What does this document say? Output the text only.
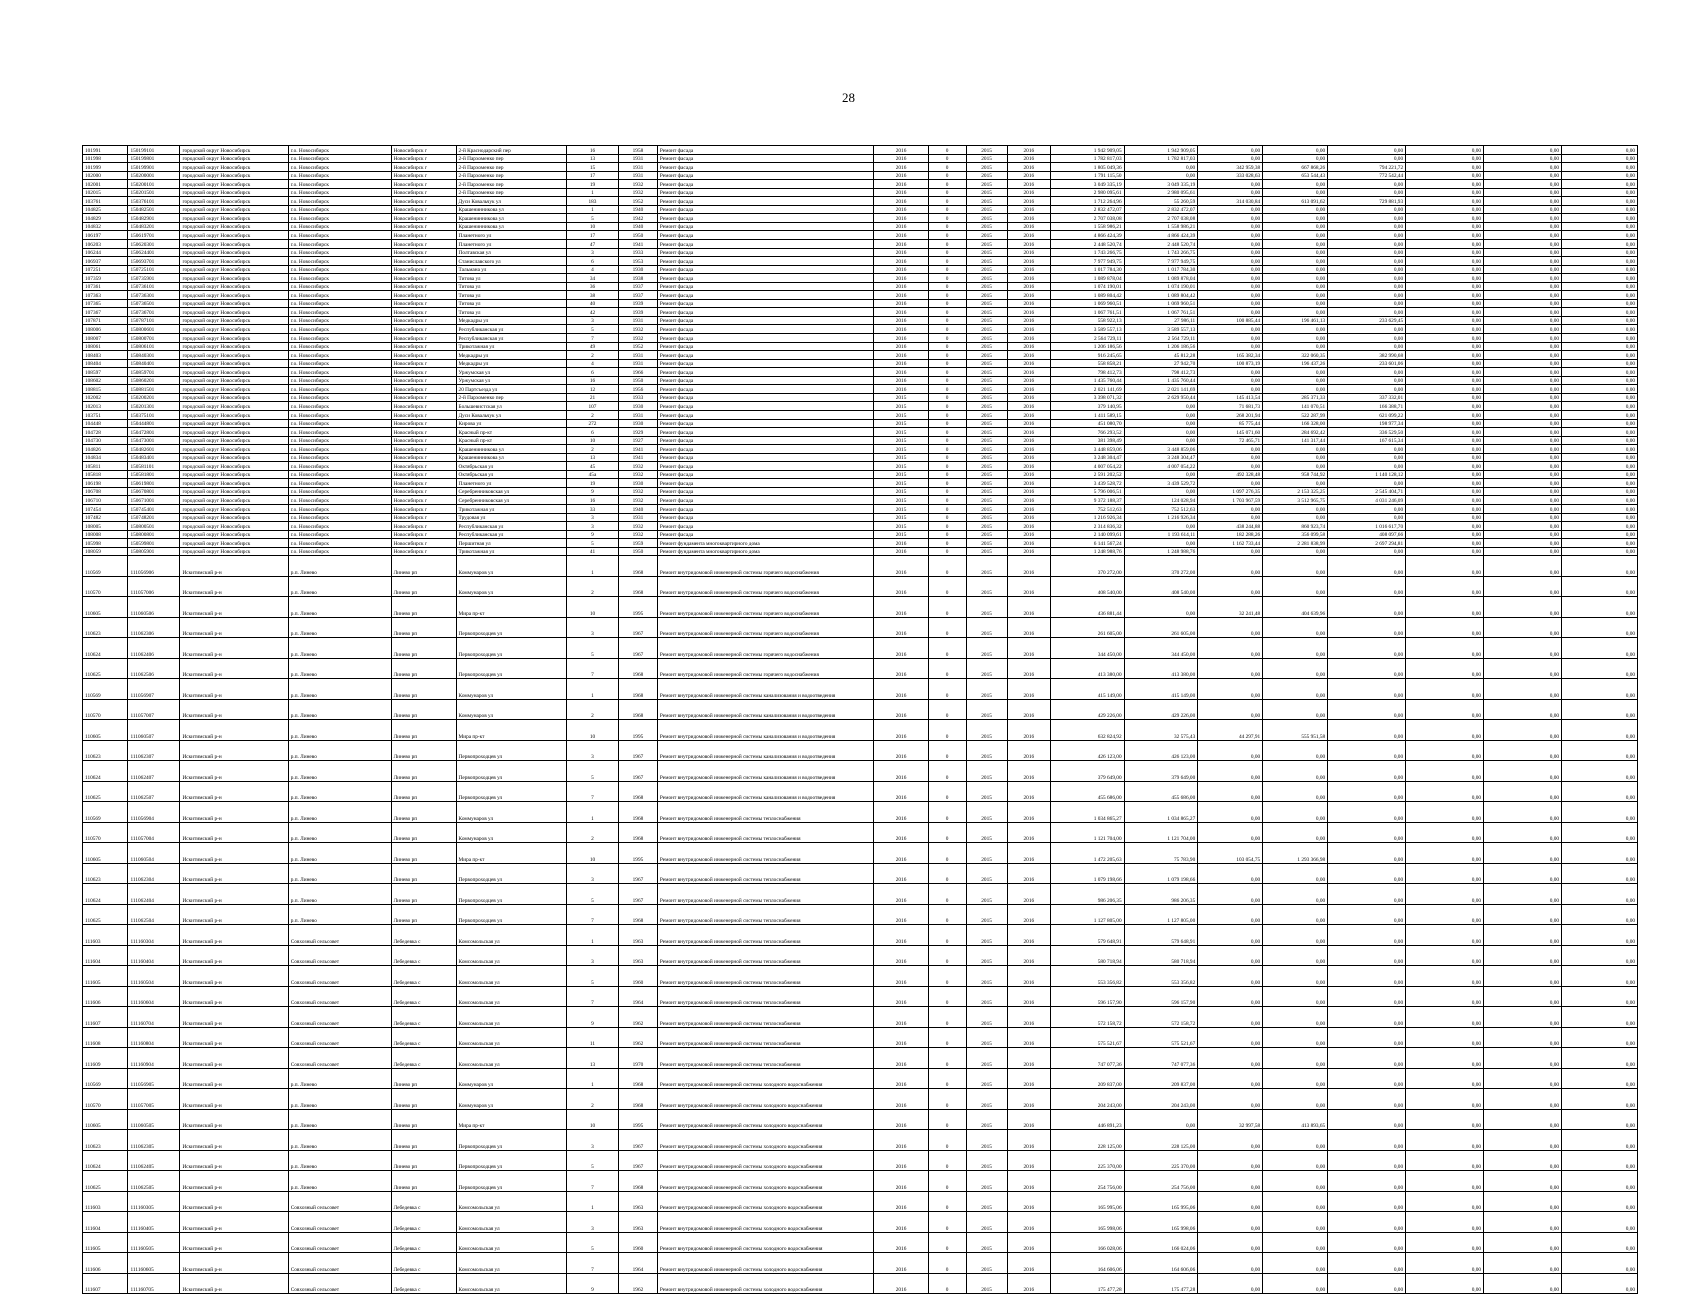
28
101991	150199101	городской округ Новосибирск	г.о. Новосибирск	Новосибирск г	2-й Краснодарский пер	16	1958	Ремонт фасада	2016	0	2015	2016	1 942 909,05	1 942 909,05	0,00	0,00	0,00	0,00	0,00	0,00
101998	150199801	городской округ Новосибирск	г.о. Новосибирск	Новосибирск г	2-й Пархоменко пер	13	1931	Ремонт фасада	2016	0	2015	2016	1 782 817,03	1 782 817,03	0,00	0,00	0,00	0,00	0,00	0,00
101999	150199901	городской округ Новосибирск	г.о. Новосибирск	Новосибирск г	2-й Пархоменко пер	15	1931	Ремонт фасада	2016	0	2015	2016	1 805 049,36	0,00	342 959,38	667 868,26	794 221,72	0,00	0,00	0,00
102000	150200001	городской округ Новосибирск	г.о. Новосибирск	Новосибирск г	2-й Пархоменко пер	17	1931	Ремонт фасада	2016	0	2015	2016	1 791 115,50	0,00	333 028,63	653 544,43	772 542,44	0,00	0,00	0,00
102001	150200101	городской округ Новосибирск	г.о. Новосибирск	Новосибирск г	2-й Пархоменко пер	19	1932	Ремонт фасада	2016	0	2015	2016	3 049 335,19	3 049 335,19	0,00	0,00	0,00	0,00	0,00	0,00
102015	150201501	городской округ Новосибирск	г.о. Новосибирск	Новосибирск г	2-й Пархоменко пер	1	1932	Ремонт фасада	2016	0	2015	2016	2 980 095,61	2 980 095,61	0,00	0,00	0,00	0,00	0,00	0,00
103761	150376101	городской округ Новосибирск	г.о. Новосибирск	Новосибирск г	Дуси Ковальчук ул	183	1952	Ремонт фасада	2016	0	2015	2016	1 712 264,96	55 260,59	314 030,84	613 091,62	729 881,93	0,00	0,00	0,00
104825	150482501	городской округ Новосибирск	г.о. Новосибирск	Новосибирск г	Крашенинникова ул	1	1940	Ремонт фасада	2016	0	2015	2016	2 832 472,07	2 832 472,07	0,00	0,00	0,00	0,00	0,00	0,00
104829	150482901	городской округ Новосибирск	г.о. Новосибирск	Новосибирск г	Крашенинникова ул	5	1942	Ремонт фасада	2016	0	2015	2016	2 707 038,08	2 707 038,08	0,00	0,00	0,00	0,00	0,00	0,00
104832	150483201	городской округ Новосибирск	г.о. Новосибирск	Новосибирск г	Крашенинникова ул	10	1940	Ремонт фасада	2016	0	2015	2016	1 558 986,21	1 558 986,21	0,00	0,00	0,00	0,00	0,00	0,00
106197	150619701	городской округ Новосибирск	г.о. Новосибирск	Новосибирск г	Планетного ул	17	1950	Ремонт фасада	2016	0	2015	2016	4 866 424,39	4 866 424,39	0,00	0,00	0,00	0,00	0,00	0,00
106203	150620301	городской округ Новосибирск	г.о. Новосибирск	Новосибирск г	Планетного ул	47	1941	Ремонт фасада	2016	0	2015	2016	2 448 520,74	2 448 520,74	0,00	0,00	0,00	0,00	0,00	0,00
106244	150624401	городской округ Новосибирск	г.о. Новосибирск	Новосибирск г	Полтавская ул	3	1933	Ремонт фасада	2016	0	2015	2016	1 743 266,75	1 743 266,75	0,00	0,00	0,00	0,00	0,00	0,00
106937	150693701	городской округ Новосибирск	г.о. Новосибирск	Новосибирск г	Станиславского ул	6	1953	Ремонт фасада	2016	0	2015	2016	7 977 949,75	7 977 949,75	0,00	0,00	0,00	0,00	0,00	0,00
107251	150725101	городской округ Новосибирск	г.о. Новосибирск	Новосибирск г	Тальмана ул	4	1930	Ремонт фасада	2016	0	2015	2016	1 017 784,30	1 017 784,30	0,00	0,00	0,00	0,00	0,00	0,00
107359	150735901	городской округ Новосибирск	г.о. Новосибирск	Новосибирск г	Титова ул	34	1938	Ремонт фасада	2016	0	2015	2016	1 089 878,04	1 089 878,04	0,00	0,00	0,00	0,00	0,00	0,00
107361	150736101	городской округ Новосибирск	г.о. Новосибирск	Новосибирск г	Титова ул	36	1937	Ремонт фасада	2016	0	2015	2016	1 074 190,01	1 074 190,01	0,00	0,00	0,00	0,00	0,00	0,00
107363	150736301	городской округ Новосибирск	г.о. Новосибирск	Новосибирск г	Титова ул	38	1937	Ремонт фасада	2016	0	2015	2016	1 089 804,42	1 089 804,42	0,00	0,00	0,00	0,00	0,00	0,00
107365	150736501	городской округ Новосибирск	г.о. Новосибирск	Новосибирск г	Титова ул	40	1939	Ремонт фасада	2016	0	2015	2016	1 069 960,51	1 069 960,51	0,00	0,00	0,00	0,00	0,00	0,00
107367	150736701	городской округ Новосибирск	г.о. Новосибирск	Новосибирск г	Титова ул	42	1939	Ремонт фасада	2016	0	2015	2016	1 067 761,51	1 067 761,51	0,00	0,00	0,00	0,00	0,00	0,00
107871	150787101	городской округ Новосибирск	г.о. Новосибирск	Новосибирск г	Медкадры ул	3	1931	Ремонт фасада	2016	0	2015	2016	558 922,13	27 986,11	100 885,44	196 461,13	233 629,45	0,00	0,00	0,00
108006	150800601	городской округ Новосибирск	г.о. Новосибирск	Новосибирск г	Республиканская ул	5	1932	Ремонт фасада	2016	0	2015	2016	3 589 557,13	3 589 557,13	0,00	0,00	0,00	0,00	0,00	0,00
108007	150800701	городской округ Новосибирск	г.о. Новосибирск	Новосибирск г	Республиканская ул	7	1932	Ремонт фасада	2016	0	2015	2016	2 564 729,11	2 564 729,11	0,00	0,00	0,00	0,00	0,00	0,00
108061	150806101	городской округ Новосибирск	г.о. Новосибирск	Новосибирск г	Трикотажная ул	49	1952	Ремонт фасада	2016	0	2015	2016	1 206 186,56	1 206 186,56	0,00	0,00	0,00	0,00	0,00	0,00
108403	150840301	городской округ Новосибирск	г.о. Новосибирск	Новосибирск г	Медкадры ул	2	1931	Ремонт фасада	2016	0	2015	2016	916 245,65	45 812,28	165 382,34	322 060,35	382 990,68	0,00	0,00	0,00
108404	150840401	городской округ Новосибирск	г.о. Новосибирск	Новосибирск г	Медкадры ул	4	1931	Ремонт фасада	2016	0	2015	2016	558 858,21	27 942,70	100 873,19	196 437,26	233 601,06	0,00	0,00	0,00
108597	150859701	городской округ Новосибирск	г.о. Новосибирск	Новосибирск г	Уржумская ул	6	1966	Ремонт фасада	2016	0	2015	2016	798 412,73	798 412,73	0,00	0,00	0,00	0,00	0,00	0,00
108602	150860201	городской округ Новосибирск	г.о. Новосибирск	Новосибирск г	Уржумская ул	16	1950	Ремонт фасада	2016	0	2015	2016	1 435 760,44	1 435 760,44	0,00	0,00	0,00	0,00	0,00	0,00
108815	150881501	городской округ Новосибирск	г.о. Новосибирск	Новосибирск г	20 Партсъезда ул	12	1956	Ремонт фасада	2016	0	2015	2016	2 021 141,69	2 021 141,69	0,00	0,00	0,00	0,00	0,00	0,00
102002	150200201	городской округ Новосибирск	г.о. Новосибирск	Новосибирск г	2-й Пархоменко пер	21	1933	Ремонт фасада	2015	0	2015	2016	3 398 071,32	2 629 950,44	145 413,54	285 371,33	337 332,01	0,00	0,00	0,00
102013	150201301	городской округ Новосибирск	г.о. Новосибирск	Новосибирск г	Большевистская ул	107	1930	Ремонт фасада	2015	0	2015	2016	379 140,95	0,00	71 681,73	141 070,51	166 388,71	0,00	0,00	0,00
103751	150375101	городской округ Новосибирск	г.о. Новосибирск	Новосибирск г	Дуси Ковальчук ул	2	1931	Ремонт фасада	2015	0	2015	2016	1 411 589,15	0,00	268 201,94	522 287,99	621 099,22	0,00	0,00	0,00
104448	150444801	городской округ Новосибирск	г.о. Новосибирск	Новосибирск г	Кирова ул	272	1930	Ремонт фасада	2015	0	2015	2016	451 080,70	0,00	85 775,44	166 328,00	198 977,34	0,00	0,00	0,00
104728	150472801	городской округ Новосибирск	г.о. Новосибирск	Новосибирск г	Красный пр-кт	6	1929	Ремонт фасада	2015	0	2015	2016	766 293,52	0,00	145 071,60	284 692,42	336 529,50	0,00	0,00	0,00
104730	150473001	городской округ Новосибирск	г.о. Новосибирск	Новосибирск г	Красный пр-кт	10	1927	Ремонт фасада	2015	0	2015	2016	381 398,49	0,00	72 465,71	141 317,44	167 615,34	0,00	0,00	0,00
104826	150482601	городской округ Новосибирск	г.о. Новосибирск	Новосибирск г	Крашенинникова ул	2	1941	Ремонт фасада	2015	0	2015	2016	3 448 859,06	3 448 859,06	0,00	0,00	0,00	0,00	0,00	0,00
104834	150483401	городской округ Новосибирск	г.о. Новосибирск	Новосибирск г	Крашенинникова ул	13	1941	Ремонт фасада	2015	0	2015	2016	3 248 304,47	3 248 304,47	0,00	0,00	0,00	0,00	0,00	0,00
105811	150581101	городской округ Новосибирск	г.о. Новосибирск	Новосибирск г	Октябрьская ул	45	1932	Ремонт фасада	2015	0	2015	2016	4 007 054,22	4 007 054,22	0,00	0,00	0,00	0,00	0,00	0,00
105818	150581801	городской округ Новосибирск	г.о. Новосибирск	Новосибирск г	Октябрьская ул	45а	1932	Ремонт фасада	2015	0	2015	2016	2 591 202,52	0,00	492 328,48	958 744,92	1 140 128,12	0,00	0,00	0,00
106198	150619801	городской округ Новосибирск	г.о. Новосибирск	Новосибирск г	Планетного ул	19	1930	Ремонт фасада	2015	0	2015	2016	3 439 528,72	3 439 529,72	0,00	0,00	0,00	0,00	0,00	0,00
106708	150670801	городской округ Новосибирск	г.о. Новосибирск	Новосибирск г	Серебренниковская ул	9	1932	Ремонт фасада	2015	0	2015	2016	5 796 006,51	0,00	1 097 276,35	2 153 325,25	2 545 404,71	0,00	0,00	0,00
106710	150671001	городской округ Новосибирск	г.о. Новосибирск	Новосибирск г	Серебренниковская ул	16	1932	Ремонт фасада	2015	0	2015	2016	9 372 188,37	124 028,94	1 703 967,59	3 512 965,75	4 031 246,09	0,00	0,00	0,00
107454	150745401	городской округ Новосибирск	г.о. Новосибирск	Новосибирск г	Трикотажная ул	33	1940	Ремонт фасада	2015	0	2015	2016	752 512,63	752 512,63	0,00	0,00	0,00	0,00	0,00	0,00
107482	150748201	городской округ Новосибирск	г.о. Новосибирск	Новосибирск г	Трудовая ул	3	1931	Ремонт фасада	2015	0	2015	2016	1 216 926,34	1 216 926,34	0,00	0,00	0,00	0,00	0,00	0,00
108005	150800501	городской округ Новосибирск	г.о. Новосибирск	Новосибирск г	Республиканская ул	3	1932	Ремонт фасада	2015	0	2015	2016	2 314 836,32	0,00	438 244,88	860 923,74	1 016 617,70	0,00	0,00	0,00
108008	150800801	городской округ Новосибирск	г.о. Новосибирск	Новосибирск г	Республиканская ул	9	1932	Ремонт фасада	2015	0	2015	2016	2 140 099,61	1 193 614,11	182 288,26	356 099,58	408 097,66	0,00	0,00	0,00
105998	150599801	городской округ Новосибирск	г.о. Новосибирск	Новосибирск г	Першитная ул	5	1959	Ремонт фундамента многоквартирного дома	2016	0	2015	2016	6 141 567,24	0,00	1 162 733,44	2 281 838,99	2 697 294,81	0,00	0,00	0,00
108059	150805901	городской округ Новосибирск	г.о. Новосибирск	Новосибирск г	Трикотажная ул	41	1950	Ремонт фундамента многоквартирного дома	2016	0	2015	2016	1 248 988,76	1 248 988,76	0,00	0,00	0,00	0,00	0,00	0,00
110569	111056906	Искитимский р-н	р.п. Линево	Линево рп	Коммунаров ул	1	1968	Ремонт внутридомовой инженерной системы горячего водоснабжения	2016	0	2015	2016	370 272,00	370 272,00	0,00	0,00	0,00	0,00	0,00	0,00
110570	111057006	Искитимский р-н	р.п. Линево	Линево рп	Коммунаров ул	2	1968	Ремонт внутридомовой инженерной системы горячего водоснабжения	2016	0	2015	2016	408 540,00	408 540,00	0,00	0,00	0,00	0,00	0,00	0,00
110605	111060506	Искитимский р-н	р.п. Линево	Линево рп	Мира пр-кт	10	1995	Ремонт внутридомовой инженерной системы горячего водоснабжения	2016	0	2015	2016	436 881,44	0,00	32 241,48	404 639,96	0,00	0,00	0,00	0,00
110623	111062306	Искитимский р-н	р.п. Линево	Линево рп	Первопроходцев ул	3	1967	Ремонт внутридомовой инженерной системы горячего водоснабжения	2016	0	2015	2016	261 605,00	261 605,00	0,00	0,00	0,00	0,00	0,00	0,00
110624	111062406	Искитимский р-н	р.п. Линево	Линево рп	Первопроходцев ул	5	1967	Ремонт внутридомовой инженерной системы горячего водоснабжения	2016	0	2015	2016	344 450,00	344 450,00	0,00	0,00	0,00	0,00	0,00	0,00
110625	111062506	Искитимский р-н	р.п. Линево	Линево рп	Первопроходцев ул	7	1968	Ремонт внутридомовой инженерной системы горячего водоснабжения	2016	0	2015	2016	413 380,00	413 380,00	0,00	0,00	0,00	0,00	0,00	0,00
110569	111056907	Искитимский р-н	р.п. Линево	Линево рп	Коммунаров ул	1	1968	Ремонт внутридомовой инженерной системы канализования и водоотведения	2016	0	2015	2016	415 149,00	415 149,00	0,00	0,00	0,00	0,00	0,00	0,00
110570	111057007	Искитимский р-н	р.п. Линево	Линево рп	Коммунаров ул	2	1968	Ремонт внутридомовой инженерной системы канализования и водоотведения	2016	0	2015	2016	429 226,00	429 226,00	0,00	0,00	0,00	0,00	0,00	0,00
110605	111060507	Искитимский р-н	р.п. Линево	Линево рп	Мира пр-кт	10	1995	Ремонт внутридомовой инженерной системы канализования и водоотведения	2016	0	2015	2016	632 824,92	32 575,43	44 297,91	555 951,58	0,00	0,00	0,00	0,00
110623	111062307	Искитимский р-н	р.п. Линево	Линево рп	Первопроходцев ул	3	1967	Ремонт внутридомовой инженерной системы канализования и водоотведения	2016	0	2015	2016	426 123,00	426 123,00	0,00	0,00	0,00	0,00	0,00	0,00
110624	111062407	Искитимский р-н	р.п. Линево	Линево рп	Первопроходцев ул	5	1967	Ремонт внутридомовой инженерной системы канализования и водоотведения	2016	0	2015	2016	379 649,00	379 649,00	0,00	0,00	0,00	0,00	0,00	0,00
110625	111062507	Искитимский р-н	р.п. Линево	Линево рп	Первопроходцев ул	7	1968	Ремонт внутридомовой инженерной системы канализования и водоотведения	2016	0	2015	2016	455 686,00	455 686,00	0,00	0,00	0,00	0,00	0,00	0,00
110569	111056904	Искитимский р-н	р.п. Линево	Линево рп	Коммунаров ул	1	1968	Ремонт внутридомовой инженерной системы теплоснабжения	2016	0	2015	2016	1 034 865,27	1 034 865,27	0,00	0,00	0,00	0,00	0,00	0,00
110570	111057004	Искитимский р-н	р.п. Линево	Линево рп	Коммунаров ул	2	1968	Ремонт внутридомовой инженерной системы теплоснабжения	2016	0	2015	2016	1 121 704,00	1 121 704,00	0,00	0,00	0,00	0,00	0,00	0,00
110605	111060504	Искитимский р-н	р.п. Линево	Линево рп	Мира пр-кт	10	1995	Ремонт внутридомовой инженерной системы теплоснабжения	2016	0	2015	2016	1 472 205,63	75 783,90	103 054,75	1 293 366,98	0,00	0,00	0,00	0,00
110623	111062304	Искитимский р-н	р.п. Линево	Линево рп	Первопроходцев ул	3	1967	Ремонт внутридомовой инженерной системы теплоснабжения	2016	0	2015	2016	1 079 198,66	1 079 198,66	0,00	0,00	0,00	0,00	0,00	0,00
110624	111062404	Искитимский р-н	р.п. Линево	Линево рп	Первопроходцев ул	5	1967	Ремонт внутридомовой инженерной системы теплоснабжения	2016	0	2015	2016	986 206,35	986 206,35	0,00	0,00	0,00	0,00	0,00	0,00
110625	111062504	Искитимский р-н	р.п. Линево	Линево рп	Первопроходцев ул	7	1968	Ремонт внутридомовой инженерной системы теплоснабжения	2016	0	2015	2016	1 127 805,00	1 127 805,00	0,00	0,00	0,00	0,00	0,00	0,00
111603	111160304	Искитимский р-н	Совхозный сельсовет	Лебедевка с	Комсомольская ул	1	1963	Ремонт внутридомовой инженерной системы теплоснабжения	2016	0	2015	2016	579 648,91	579 648,91	0,00	0,00	0,00	0,00	0,00	0,00
111604	111160404	Искитимский р-н	Совхозный сельсовет	Лебедевка с	Комсомольская ул	3	1963	Ремонт внутридомовой инженерной системы теплоснабжения	2016	0	2015	2016	580 718,94	580 718,94	0,00	0,00	0,00	0,00	0,00	0,00
111605	111160504	Искитимский р-н	Совхозный сельсовет	Лебедевка с	Комсомольская ул	5	1960	Ремонт внутридомовой инженерной системы теплоснабжения	2016	0	2015	2016	553 356,82	553 356,82	0,00	0,00	0,00	0,00	0,00	0,00
111606	111160604	Искитимский р-н	Совхозный сельсовет	Лебедевка с	Комсомольская ул	7	1964	Ремонт внутридомовой инженерной системы теплоснабжения	2016	0	2015	2016	596 157,90	596 157,90	0,00	0,00	0,00	0,00	0,00	0,00
111607	111160704	Искитимский р-н	Совхозный сельсовет	Лебедевка с	Комсомольская ул	9	1962	Ремонт внутридомовой инженерной системы теплоснабжения	2016	0	2015	2016	572 158,72	572 158,72	0,00	0,00	0,00	0,00	0,00	0,00
111608	111160804	Искитимский р-н	Совхозный сельсовет	Лебедевка с	Комсомольская ул	11	1962	Ремонт внутридомовой инженерной системы теплоснабжения	2016	0	2015	2016	575 521,67	575 521,67	0,00	0,00	0,00	0,00	0,00	0,00
111609	111160904	Искитимский р-н	Совхозный сельсовет	Лебедевка с	Комсомольская ул	13	1970	Ремонт внутридомовой инженерной системы теплоснабжения	2016	0	2015	2016	747 077,36	747 077,36	0,00	0,00	0,00	0,00	0,00	0,00
110569	111056905	Искитимский р-н	р.п. Линево	Линево рп	Коммунаров ул	1	1968	Ремонт внутридомовой инженерной системы холодного водоснабжения	2016	0	2015	2016	209 837,00	209 837,00	0,00	0,00	0,00	0,00	0,00	0,00
110570	111057005	Искитимский р-н	р.п. Линево	Линево рп	Коммунаров ул	2	1968	Ремонт внутридомовой инженерной системы холодного водоснабжения	2016	0	2015	2016	204 243,00	204 243,00	0,00	0,00	0,00	0,00	0,00	0,00
110605	111060505	Искитимский р-н	р.п. Линево	Линево рп	Мира пр-кт	10	1995	Ремонт внутридомовой инженерной системы холодного водоснабжения	2016	0	2015	2016	446 891,23	0,00	32 997,58	413 893,65	0,00	0,00	0,00	0,00
110623	111062305	Искитимский р-н	р.п. Линево	Линево рп	Первопроходцев ул	3	1967	Ремонт внутридомовой инженерной системы холодного водоснабжения	2016	0	2015	2016	228 125,00	228 125,00	0,00	0,00	0,00	0,00	0,00	0,00
110624	111062405	Искитимский р-н	р.п. Линево	Линево рп	Первопроходцев ул	5	1967	Ремонт внутридомовой инженерной системы холодного водоснабжения	2016	0	2015	2016	225 370,00	225 370,00	0,00	0,00	0,00	0,00	0,00	0,00
110625	111062505	Искитимский р-н	р.п. Линево	Линево рп	Первопроходцев ул	7	1968	Ремонт внутридомовой инженерной системы холодного водоснабжения	2016	0	2015	2016	254 756,00	254 756,00	0,00	0,00	0,00	0,00	0,00	0,00
111603	111160305	Искитимский р-н	Совхозный сельсовет	Лебедевка с	Комсомольская ул	1	1963	Ремонт внутридомовой инженерной системы холодного водоснабжения	2016	0	2015	2016	165 995,06	165 995,06	0,00	0,00	0,00	0,00	0,00	0,00
111604	111160405	Искитимский р-н	Совхозный сельсовет	Лебедевка с	Комсомольская ул	3	1963	Ремонт внутридомовой инженерной системы холодного водоснабжения	2016	0	2015	2016	165 998,06	165 998,06	0,00	0,00	0,00	0,00	0,00	0,00
111605	111160505	Искитимский р-н	Совхозный сельсовет	Лебедевка с	Комсомольская ул	5	1960	Ремонт внутридомовой инженерной системы холодного водоснабжения	2016	0	2015	2016	166 028,06	166 024,06	0,00	0,00	0,00	0,00	0,00	0,00
111606	111160605	Искитимский р-н	Совхозный сельсовет	Лебедевка с	Комсомольская ул	7	1964	Ремонт внутридомовой инженерной системы холодного водоснабжения	2016	0	2015	2016	164 606,06	164 606,06	0,00	0,00	0,00	0,00	0,00	0,00
111607	111160705	Искитимский р-н	Совхозный сельсовет	Лебедевка с	Комсомольская ул	9	1962	Ремонт внутридомовой инженерной системы холодного водоснабжения	2016	0	2015	2016	175 477,28	175 477,28	0,00	0,00	0,00	0,00	0,00	0,00
